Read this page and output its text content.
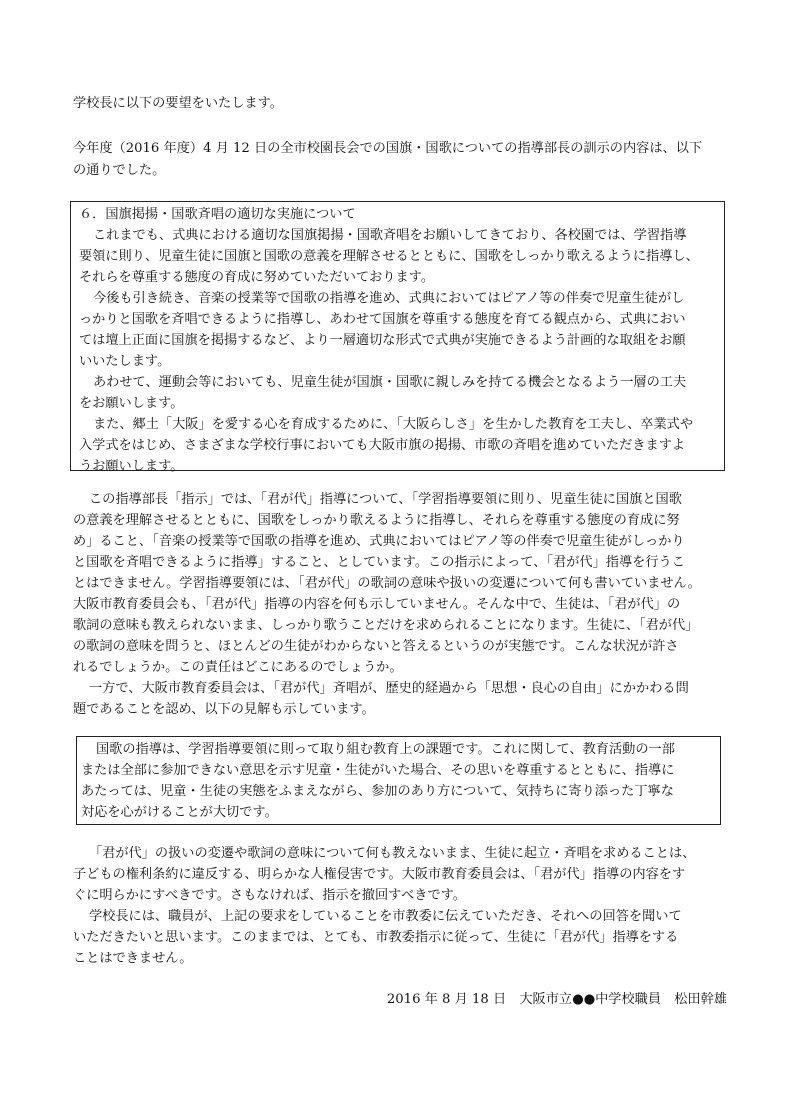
学校長に以下の要望をいたします。
今年度（2016 年度）4 月 12 日の全市校園長会での国旗・国歌についての指導部長の訓示の内容は、以下
の通りでした。
６．国旗掲揚・国歌斉唱の適切な実施について
これまでも、式典における適切な国旗掲揚・国歌斉唱をお願いしてきており、各校園では、学習指導
要領に則り、児童生徒に国旗と国歌の意義を理解させるとともに、国歌をしっかり歌えるように指導し、
それらを尊重する態度の育成に努めていただいております。
今後も引き続き、音楽の授業等で国歌の指導を進め、式典においてはピアノ等の伴奏で児童生徒がし
っかりと国歌を斉唱できるように指導し、あわせて国旗を尊重する態度を育てる観点から、式典におい
ては壇上正面に国旗を掲揚するなど、より一層適切な形式で式典が実施できるよう計画的な取組をお願
いいたします。
あわせて、運動会等においても、児童生徒が国旗・国歌に親しみを持てる機会となるよう一層の工夫
をお願いします。
また、郷土「大阪」を愛する心を育成するために、「大阪らしさ」を生かした教育を工夫し、卒業式や
入学式をはじめ、さまざまな学校行事においても大阪市旗の掲揚、市歌の斉唱を進めていただきますよ
うお願いします。
この指導部長「指示」では、「君が代」指導について、「学習指導要領に則り、児童生徒に国旗と国歌
の意義を理解させるとともに、国歌をしっかり歌えるように指導し、それらを尊重する態度の育成に努
め」ること、「音楽の授業等で国歌の指導を進め、式典においてはピアノ等の伴奏で児童生徒がしっかり
と国歌を斉唱できるように指導」すること、としています。この指示によって、「君が代」指導を行うこ
とはできません。学習指導要領には、「君が代」の歌詞の意味や扱いの変遷について何も書いていません。
大阪市教育委員会も、「君が代」指導の内容を何も示していません。そんな中で、生徒は、「君が代」の
歌詞の意味も教えられないまま、しっかり歌うことだけを求められることになります。生徒に、「君が代」
の歌詞の意味を問うと、ほとんどの生徒がわからないと答えるというのが実態です。こんな状況が許さ
れるでしょうか。この責任はどこにあるのでしょうか。
一方で、大阪市教育委員会は、「君が代」斉唱が、歴史的経過から「思想・良心の自由」にかかわる問
題であることを認め、以下の見解も示しています。
国歌の指導は、学習指導要領に則って取り組む教育上の課題です。これに関して、教育活動の一部
または全部に参加できない意思を示す児童・生徒がいた場合、その思いを尊重するとともに、指導に
あたっては、児童・生徒の実態をふまえながら、参加のあり方について、気持ちに寄り添った丁寧な
対応を心がけることが大切です。
「君が代」の扱いの変遷や歌詞の意味について何も教えないまま、生徒に起立・斉唱を求めることは、
子どもの権利条約に違反する、明らかな人権侵害です。大阪市教育委員会は、「君が代」指導の内容をす
ぐに明らかにすべきです。さもなければ、指示を撤回すべきです。
学校長には、職員が、上記の要求をしていることを市教委に伝えていただき、それへの回答を聞いて
いただきたいと思います。このままでは、とても、市教委指示に従って、生徒に「君が代」指導をする
ことはできません。
2016 年 8 月 18 日　大阪市立●●中学校職員　松田幹雄
